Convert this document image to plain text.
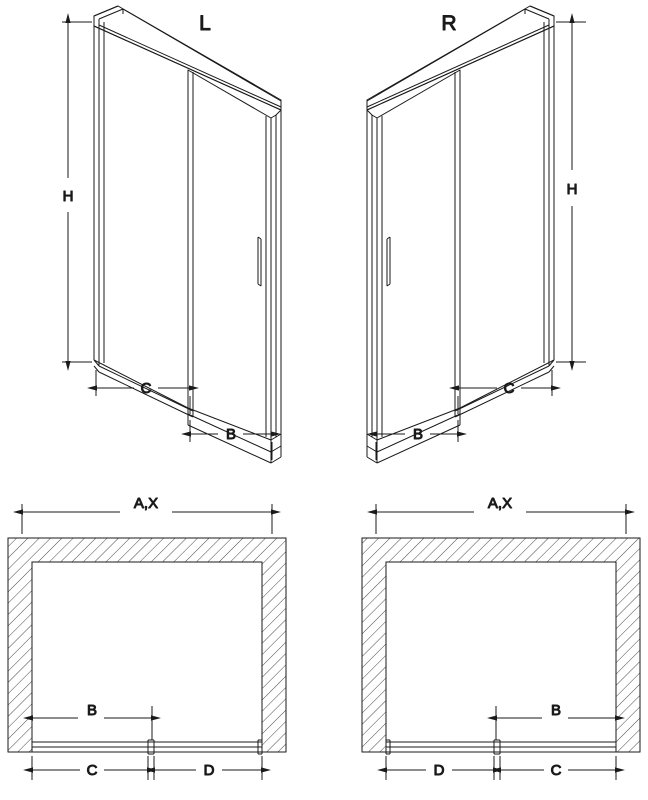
L
H
C
B
R
H
C
B
A,X
B
C	D
A,X
B
D	C
